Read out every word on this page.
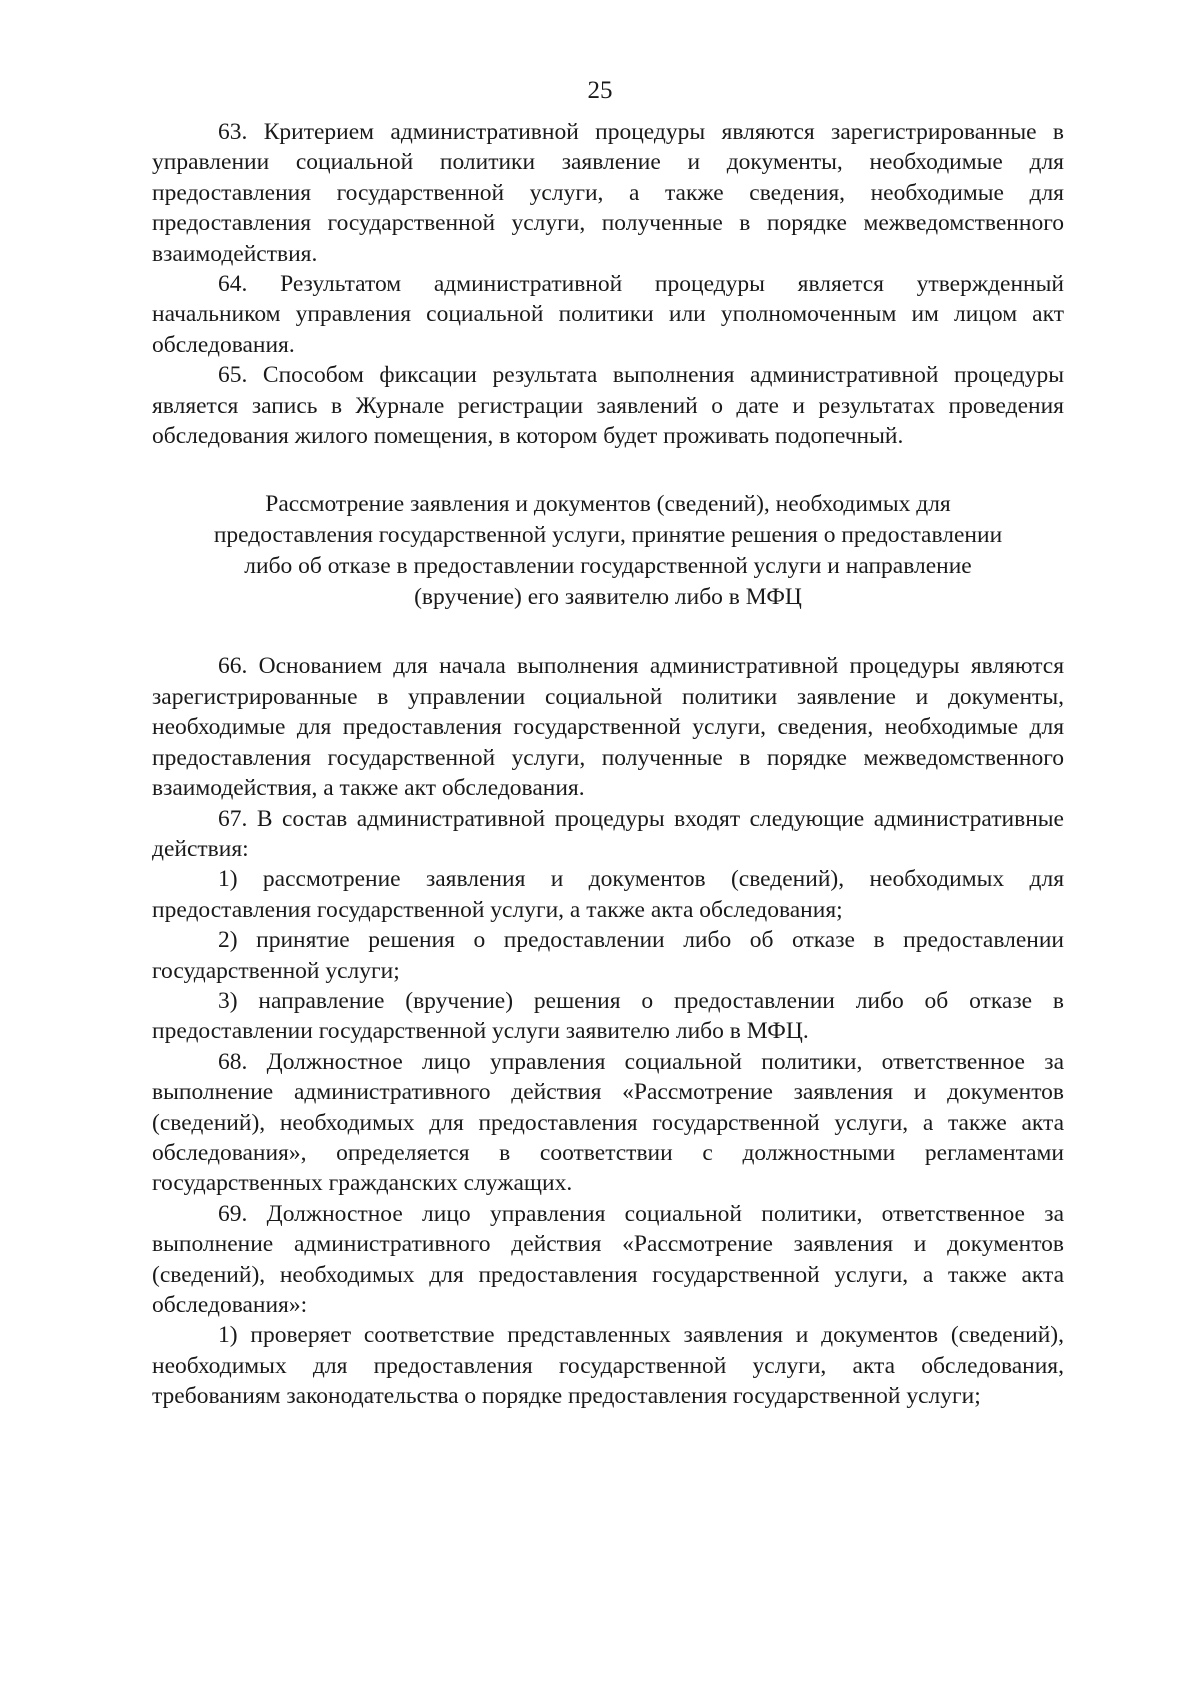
25

63. Критерием административной процедуры являются зарегистрированные в управлении социальной политики заявление и документы, необходимые для предоставления государственной услуги, а также сведения, необходимые для предоставления государственной услуги, полученные в порядке межведомственного взаимодействия.

64. Результатом административной процедуры является утвержденный начальником управления социальной политики или уполномоченным им лицом акт обследования.

65. Способом фиксации результата выполнения административной процедуры является запись в Журнале регистрации заявлений о дате и результатах проведения обследования жилого помещения, в котором будет проживать подопечный.

Рассмотрение заявления и документов (сведений), необходимых для предоставления государственной услуги, принятие решения о предоставлении либо об отказе в предоставлении государственной услуги и направление (вручение) его заявителю либо в МФЦ

66. Основанием для начала выполнения административной процедуры являются зарегистрированные в управлении социальной политики заявление и документы, необходимые для предоставления государственной услуги, сведения, необходимые для предоставления государственной услуги, полученные в порядке межведомственного взаимодействия, а также акт обследования.

67. В состав административной процедуры входят следующие административные действия:

1) рассмотрение заявления и документов (сведений), необходимых для предоставления государственной услуги, а также акта обследования;

2) принятие решения о предоставлении либо об отказе в предоставлении государственной услуги;

3) направление (вручение) решения о предоставлении либо об отказе в предоставлении государственной услуги заявителю либо в МФЦ.

68. Должностное лицо управления социальной политики, ответственное за выполнение административного действия «Рассмотрение заявления и документов (сведений), необходимых для предоставления государственной услуги, а также акта обследования», определяется в соответствии с должностными регламентами государственных гражданских служащих.

69. Должностное лицо управления социальной политики, ответственное за выполнение административного действия «Рассмотрение заявления и документов (сведений), необходимых для предоставления государственной услуги, а также акта обследования»:

1) проверяет соответствие представленных заявления и документов (сведений), необходимых для предоставления государственной услуги, акта обследования, требованиям законодательства о порядке предоставления государственной услуги;
